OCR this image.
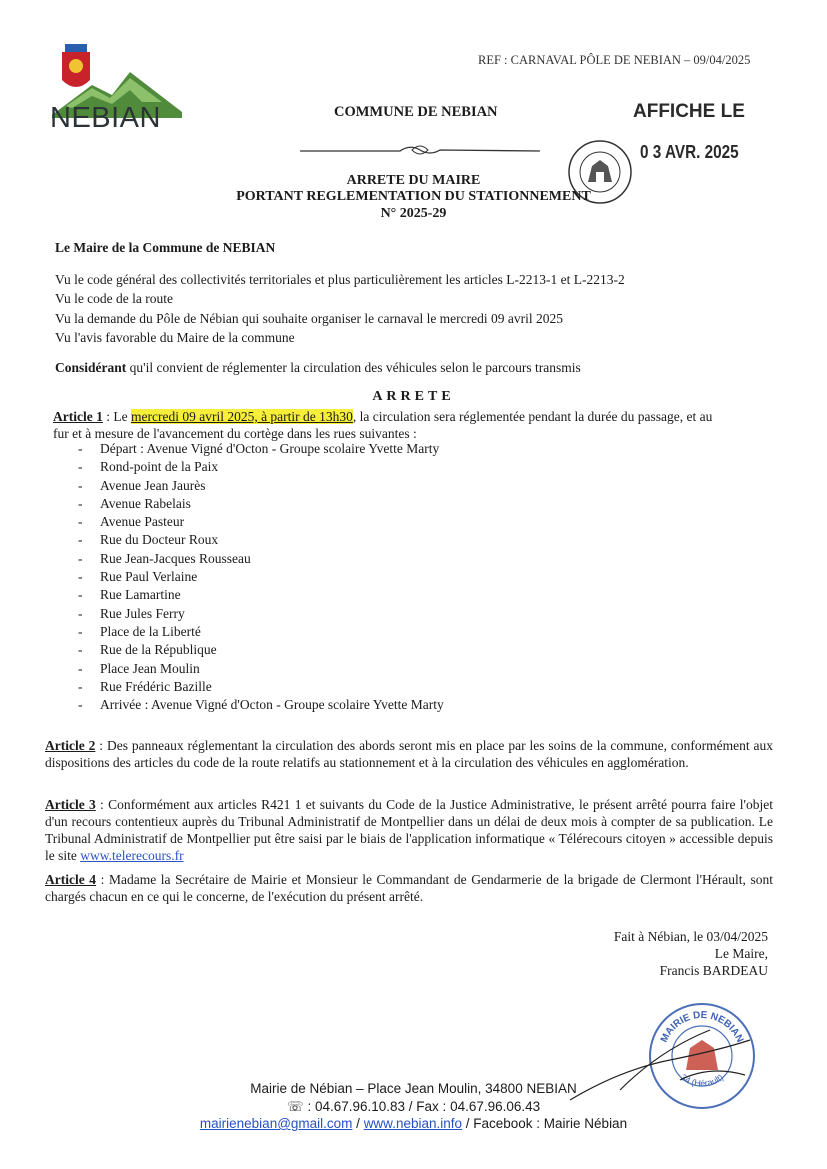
NEBIAN
REF : CARNAVAL PÔLE DE NEBIAN – 09/04/2025
COMMUNE DE NEBIAN	AFFICHE LE
0 3 AVR. 2025
ARRETE DU MAIRE
PORTANT REGLEMENTATION DU STATIONNEMENT
N° 2025-29
Le Maire de la Commune de NEBIAN
Vu le code général des collectivités territoriales et plus particulièrement les articles L-2213-1 et L-2213-2
Vu le code de la route
Vu la demande du Pôle de Nébian qui souhaite organiser le carnaval le mercredi 09 avril 2025
Vu l'avis favorable du Maire de la commune
Considérant qu'il convient de réglementer la circulation des véhicules selon le parcours transmis
ARRETE
Article 1 : Le mercredi 09 avril 2025, à partir de 13h30, la circulation sera réglementée pendant la durée du passage, et au
fur et à mesure de l'avancement du cortège dans les rues suivantes :
- Départ : Avenue Vigné d'Octon - Groupe scolaire Yvette Marty
- Rond-point de la Paix
- Avenue Jean Jaurès
- Avenue Rabelais
- Avenue Pasteur
- Rue du Docteur Roux
- Rue Jean-Jacques Rousseau
- Rue Paul Verlaine
- Rue Lamartine
- Rue Jules Ferry
- Place de la Liberté
- Rue de la République
- Place Jean Moulin
- Rue Frédéric Bazille
- Arrivée : Avenue Vigné d'Octon - Groupe scolaire Yvette Marty
Article 2 : Des panneaux réglementant la circulation des abords seront mis en place par les soins de la commune, conformément aux dispositions des articles du code de la route relatifs au stationnement et à la circulation des véhicules en agglomération.
Article 3 : Conformément aux articles R421 1 et suivants du Code de la Justice Administrative, le présent arrêté pourra faire l'objet d'un recours contentieux auprès du Tribunal Administratif de Montpellier dans un délai de deux mois à compter de sa publication. Le Tribunal Administratif de Montpellier put être saisi par le biais de l'application informatique « Télérecours citoyen » accessible depuis le site www.telerecours.fr
Article 4 : Madame la Secrétaire de Mairie et Monsieur le Commandant de Gendarmerie de la brigade de Clermont l'Hérault, sont chargés chacun en ce qui le concerne, de l'exécution du présent arrêté.
Fait à Nébian, le 03/04/2025
Le Maire,
Francis BARDEAU
MAIRIE DE NEBIAN
34 (Hérault)
Mairie de Nébian – Place Jean Moulin, 34800 NEBIAN
☏ : 04.67.96.10.83 / Fax : 04.67.96.06.43
mairienebian@gmail.com / www.nebian.info / Facebook : Mairie Nébian
